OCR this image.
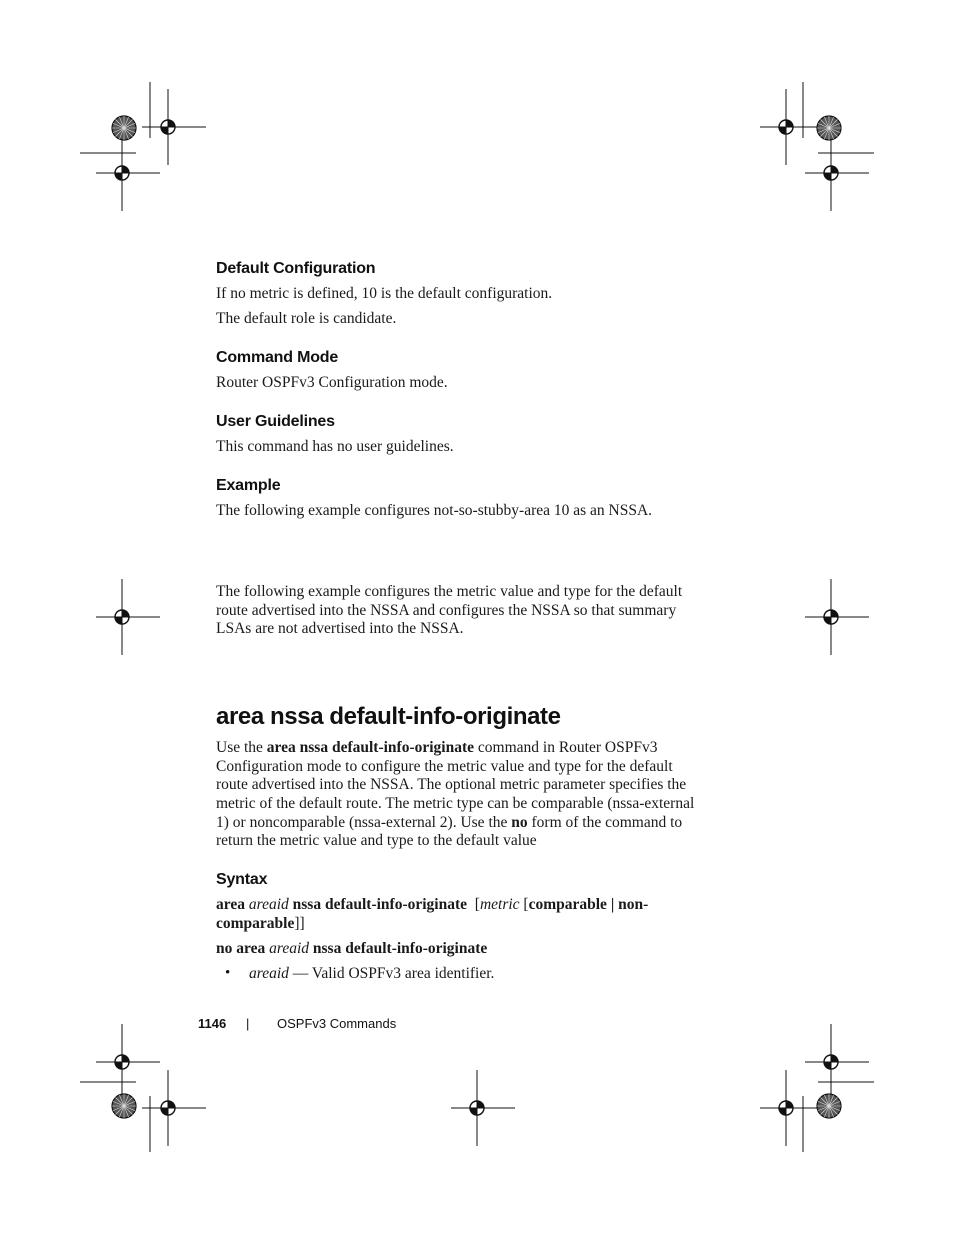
Default Configuration
If no metric is defined, 10 is the default configuration.
The default role is candidate.
Command Mode
Router OSPFv3 Configuration mode.
User Guidelines
This command has no user guidelines.
Example
The following example configures not-so-stubby-area 10 as an NSSA.
The following example configures the metric value and type for the default
route advertised into the NSSA and configures the NSSA so that summary
LSAs are not advertised into the NSSA.
area nssa default-info-originate
Use the area nssa default-info-originate command in Router OSPFv3
Configuration mode to configure the metric value and type for the default
route advertised into the NSSA. The optional metric parameter specifies the
metric of the default route. The metric type can be comparable (nssa-external
1) or noncomparable (nssa-external 2). Use the no form of the command to
return the metric value and type to the default value
Syntax
area areaid nssa default-info-originate  [metric [comparable | non-
comparable]]
no area areaid nssa default-info-originate
• areaid — Valid OSPFv3 area identifier.
1146 | OSPFv3 Commands
